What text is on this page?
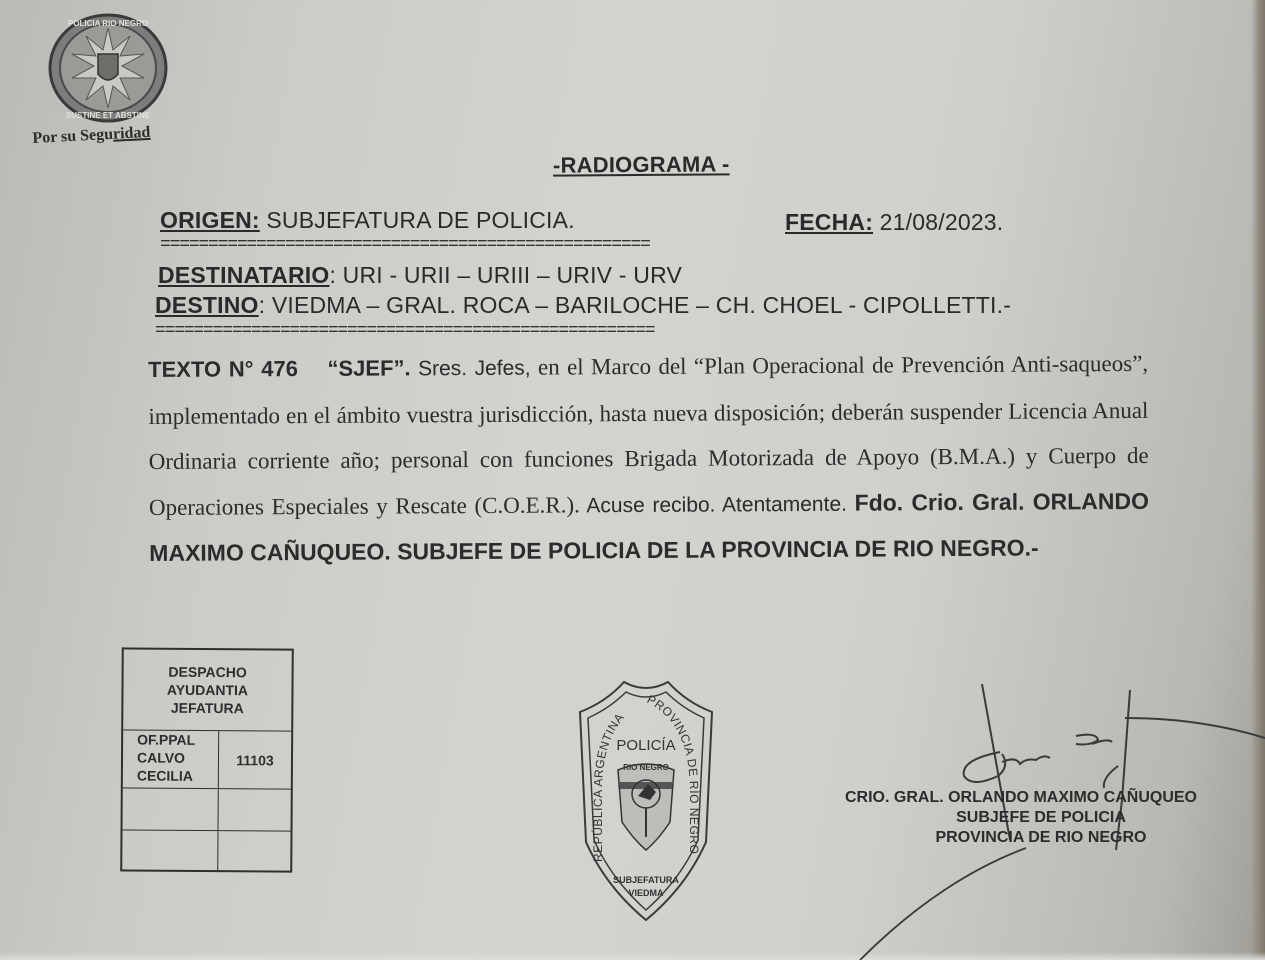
POLICIA RIO NEGRO
SUSTINE ET ABSTINE
Por su Seguridad
-RADIOGRAMA -
ORIGEN: SUBJEFATURA DE POLICIA.	FECHA: 21/08/2023.
===================================================
DESTINATARIO: URI - URII – URIII – URIV - URV
DESTINO: VIEDMA – GRAL. ROCA – BARILOCHE – CH. CHOEL - CIPOLLETTI.-
====================================================

TEXTO N° 476 “SJEF”. Sres. Jefes, en el Marco del “Plan Operacional de Prevención Anti-saqueos”, implementado en el ámbito vuestra jurisdicción, hasta nueva disposición; deberán suspender Licencia Anual Ordinaria corriente año; personal con funciones Brigada Motorizada de Apoyo (B.M.A.) y Cuerpo de Operaciones Especiales y Rescate (C.O.E.R.). Acuse recibo. Atentamente. Fdo. Crio. Gral. ORLANDO MAXIMO CAÑUQUEO. SUBJEFE DE POLICIA DE LA PROVINCIA DE RIO NEGRO.-

DESPACHO
AYUDANTIA
JEFATURA
OF.PPAL
CALVO
CECILIA
11103
REPÚBLICA ARGENTINA
PROVINCIA DE RÍO NEGRO
POLICÍA
RIO NEGRO
SUBJEFATURA
VIEDMA
CRIO. GRAL. ORLANDO MAXIMO CAÑUQUEO
SUBJEFE DE POLICIA
PROVINCIA DE RIO NEGRO
